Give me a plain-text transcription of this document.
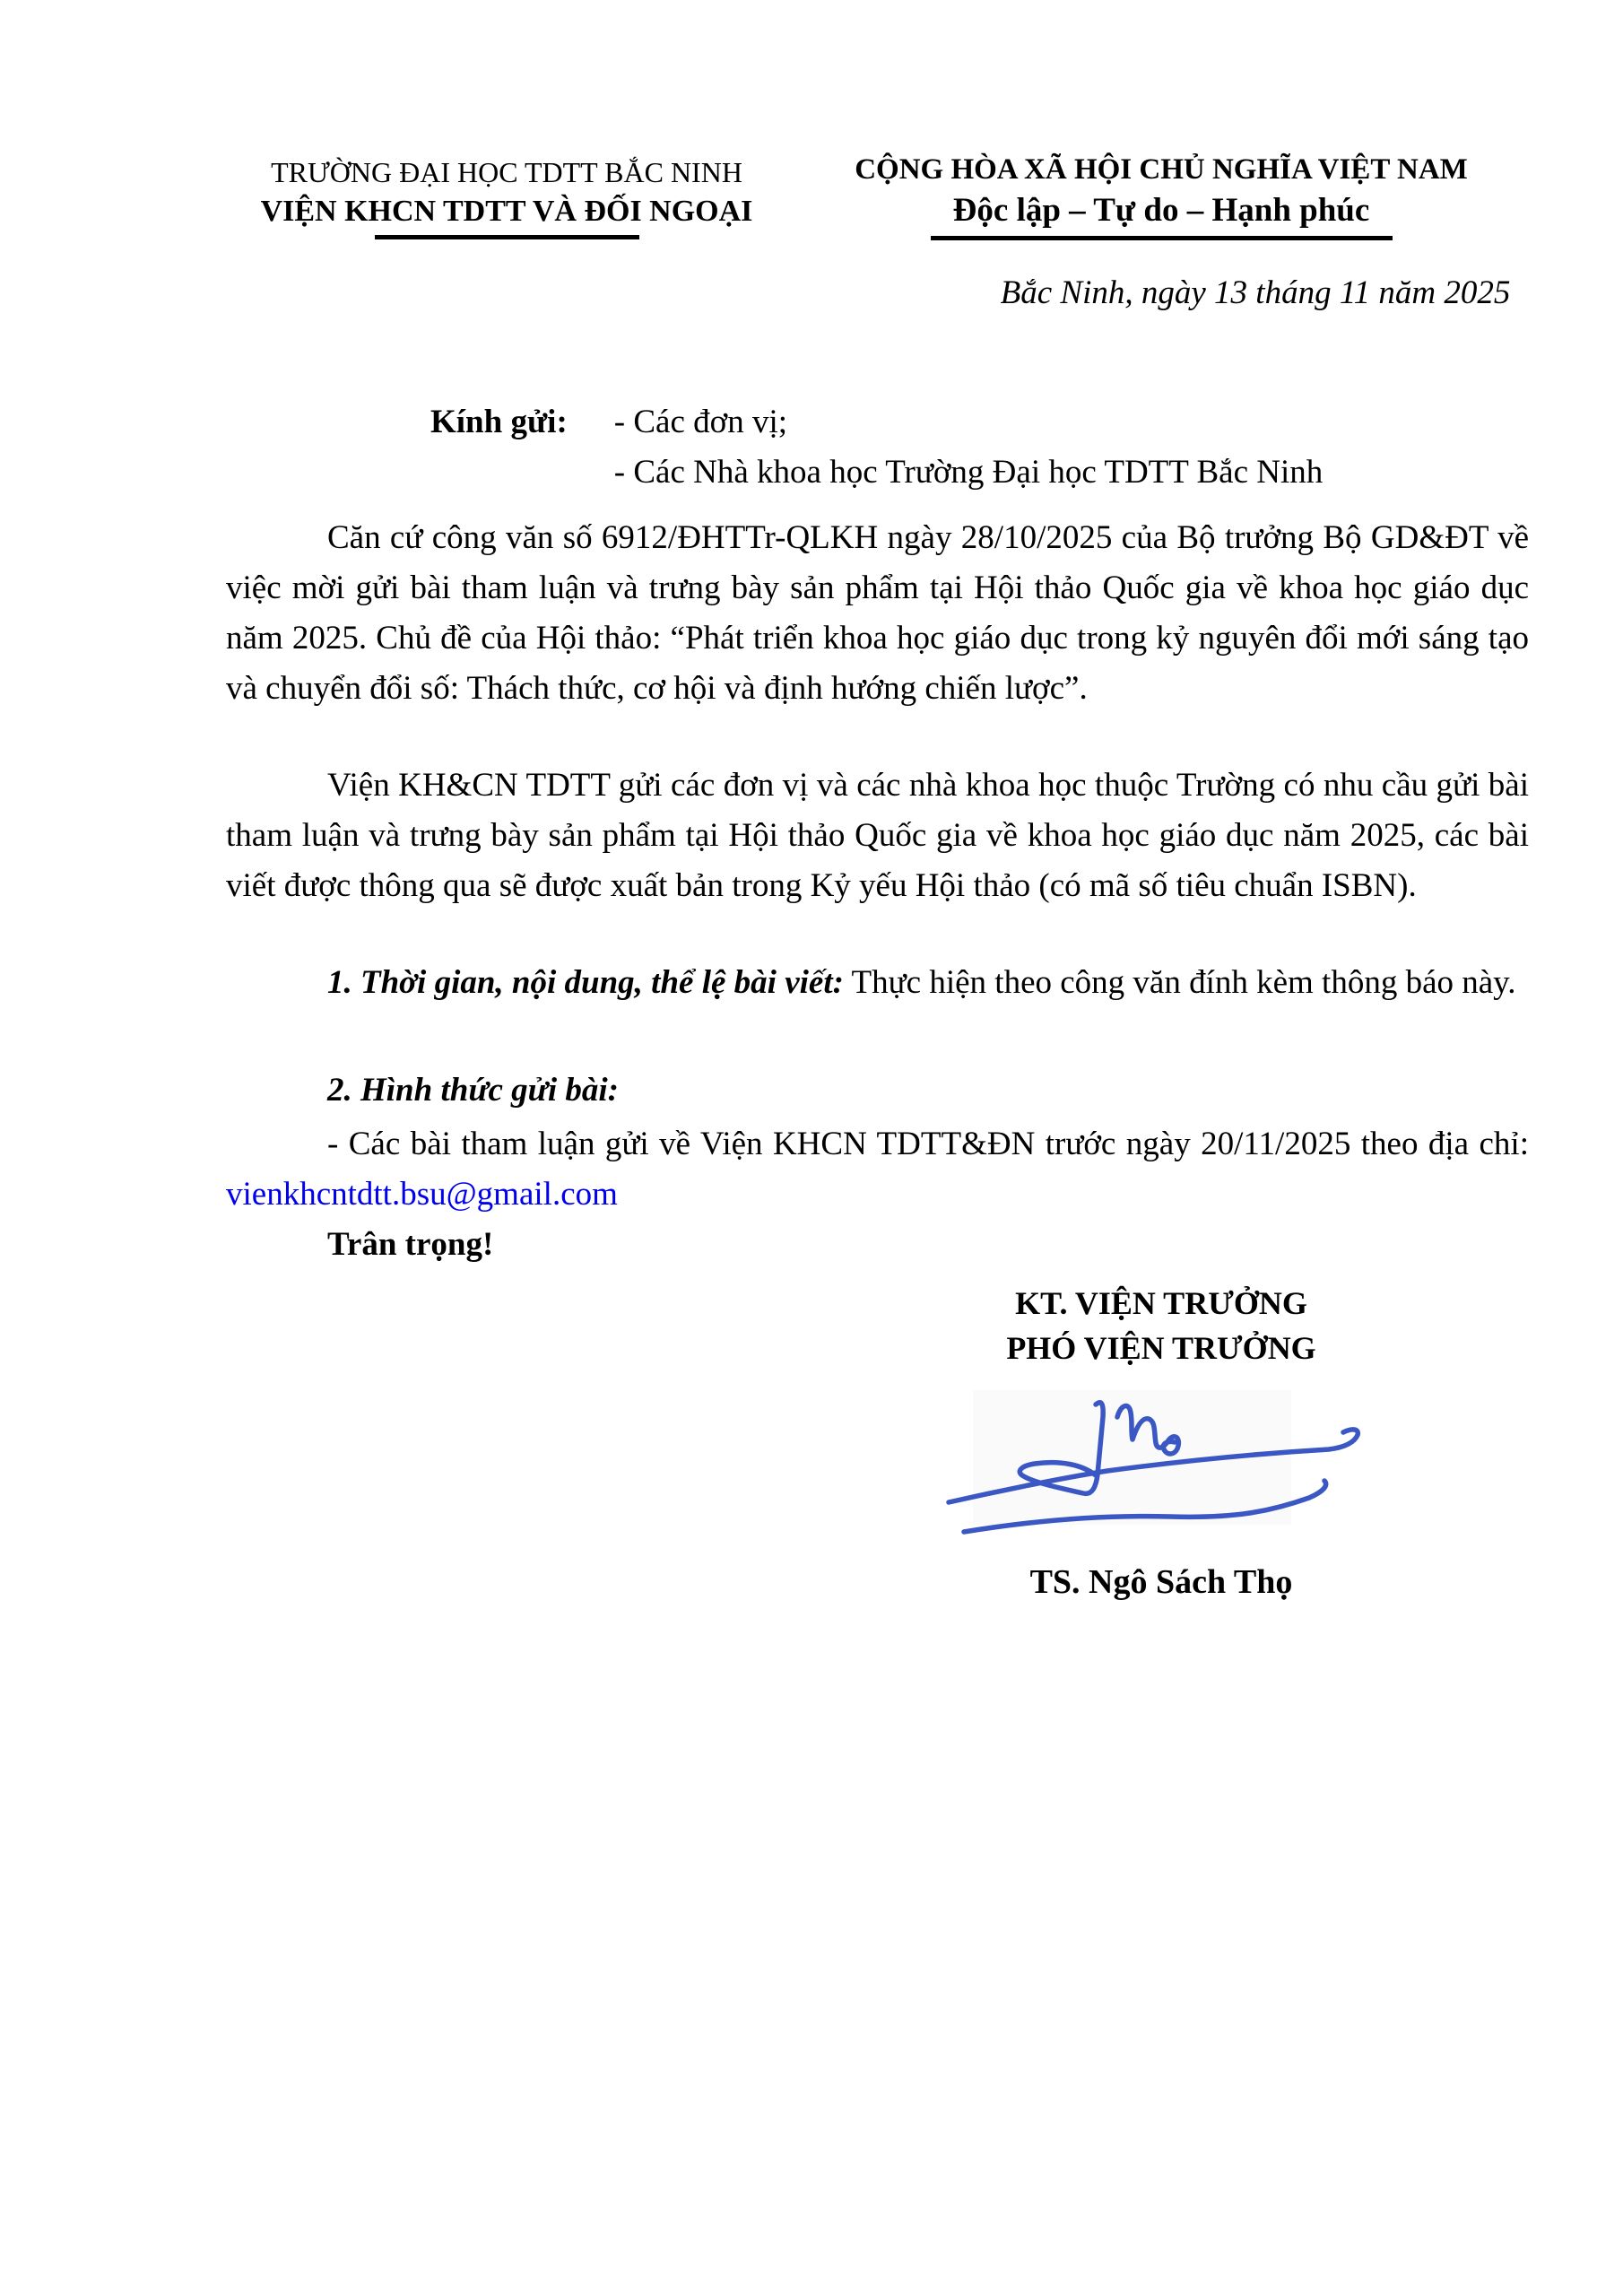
TRƯỜNG ĐẠI HỌC TDTT BẮC NINH
VIỆN KHCN TDTT VÀ ĐỐI NGOẠI
CỘNG HÒA XÃ HỘI CHỦ NGHĨA VIỆT NAM
Độc lập – Tự do – Hạnh phúc
Bắc Ninh, ngày 13 tháng 11 năm 2025
Kính gửi: - Các đơn vị;
- Các Nhà khoa học Trường Đại học TDTT Bắc Ninh
Căn cứ công văn số 6912/ĐHTTr-QLKH ngày 28/10/2025 của Bộ trưởng Bộ GD&ĐT về việc mời gửi bài tham luận và trưng bày sản phẩm tại Hội thảo Quốc gia về khoa học giáo dục năm 2025. Chủ đề của Hội thảo: “Phát triển khoa học giáo dục trong kỷ nguyên đổi mới sáng tạo và chuyển đổi số: Thách thức, cơ hội và định hướng chiến lược”.
Viện KH&CN TDTT gửi các đơn vị và các nhà khoa học thuộc Trường có nhu cầu gửi bài tham luận và trưng bày sản phẩm tại Hội thảo Quốc gia về khoa học giáo dục năm 2025, các bài viết được thông qua sẽ được xuất bản trong Kỷ yếu Hội thảo (có mã số tiêu chuẩn ISBN).
1. Thời gian, nội dung, thể lệ bài viết: Thực hiện theo công văn đính kèm thông báo này.
2. Hình thức gửi bài:
- Các bài tham luận gửi về Viện KHCN TDTT&ĐN trước ngày 20/11/2025 theo địa chỉ: vienkhcntdtt.bsu@gmail.com
Trân trọng!
KT. VIỆN TRƯỞNG
PHÓ VIỆN TRƯỞNG
TS. Ngô Sách Thọ
